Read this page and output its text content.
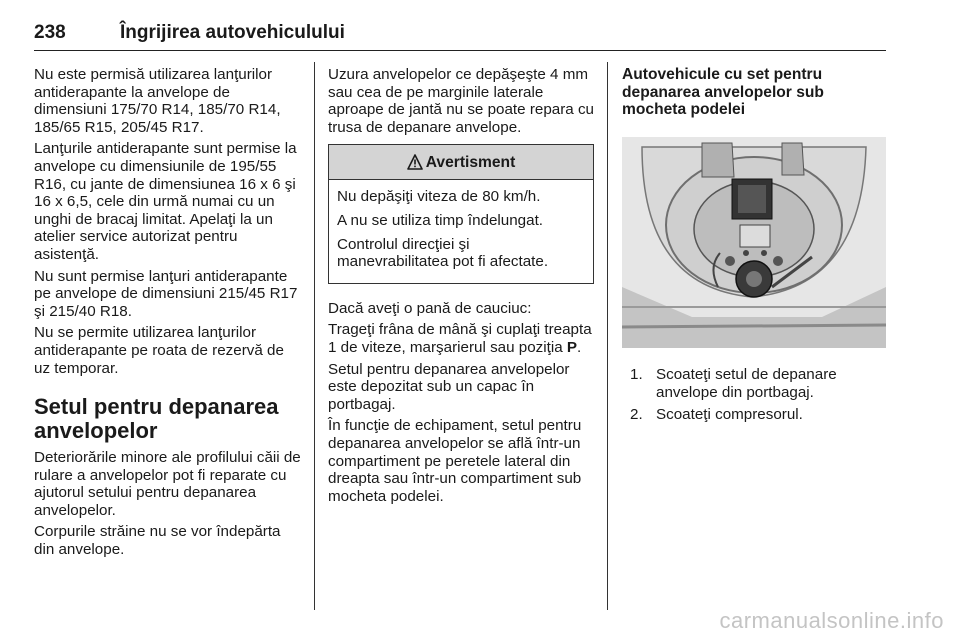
238	Îngrijirea autovehiculului

Nu este permisă utilizarea lanţurilor antiderapante la anvelope de dimensiuni 175/70 R14, 185/70 R14, 185/65 R15, 205/45 R17.

Lanţurile antiderapante sunt permise la anvelope cu dimensiunile de 195/55 R16, cu jante de dimensiunea 16 x 6 şi 16 x 6,5, cele din urmă numai cu un unghi de bracaj limitat. Apelaţi la un atelier service autorizat pentru asistenţă.

Nu sunt permise lanţuri antiderapante pe anvelope de dimensiuni 215/45 R17 şi 215/40 R18.

Nu se permite utilizarea lanţurilor antiderapante pe roata de rezervă de uz temporar.

Setul pentru depanarea anvelopelor

Deteriorările minore ale profilului căii de rulare a anvelopelor pot fi reparate cu ajutorul setului pentru depanarea anvelopelor.

Corpurile străine nu se vor îndepărta din anvelope.

Uzura anvelopelor ce depăşeşte 4 mm sau cea de pe marginile laterale aproape de jantă nu se poate repara cu trusa de depanare anvelope.

Avertisment

Nu depăşiţi viteza de 80 km/h.

A nu se utiliza timp îndelungat.

Controlul direcţiei şi manevrabilitatea pot fi afectate.

Dacă aveţi o pană de cauciuc:

Trageţi frâna de mână şi cuplaţi treapta 1 de viteze, marşarierul sau poziţia P.

Setul pentru depanarea anvelopelor este depozitat sub un capac în portbagaj.

În funcţie de echipament, setul pentru depanarea anvelopelor se află într-un compartiment pe peretele lateral din dreapta sau într-un compartiment sub mocheta podelei.

Autovehicule cu set pentru depanarea anvelopelor sub mocheta podelei
1. Scoateţi setul de depanare anvelope din portbagaj.
2. Scoateţi compresorul.
carmanualsonline.info
